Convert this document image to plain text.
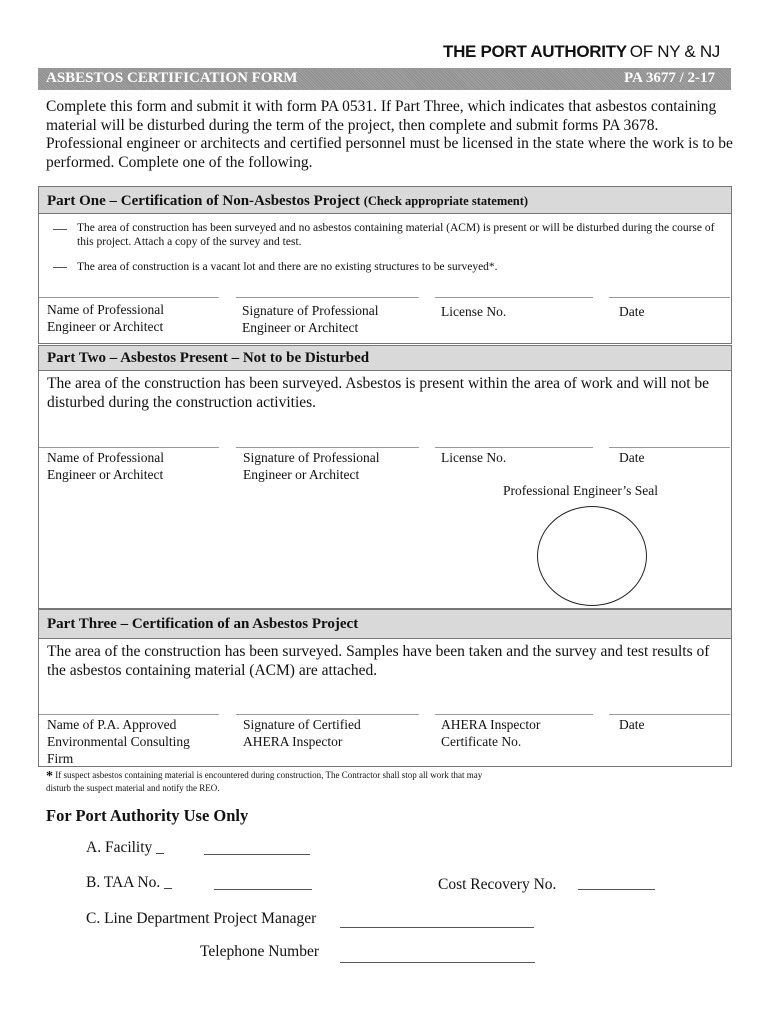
THE PORT AUTHORITY OF NY & NJ
ASBESTOS CERTIFICATION FORM	PA 3677 / 2-17
Complete this form and submit it with form PA 0531. If Part Three, which indicates that asbestos containing material will be disturbed during the term of the project, then complete and submit forms PA 3678. Professional engineer or architects and certified personnel must be licensed in the state where the work is to be performed. Complete one of the following.
Part One – Certification of Non-Asbestos Project (Check appropriate statement)
The area of construction has been surveyed and no asbestos containing material (ACM) is present or will be disturbed during the course of this project. Attach a copy of the survey and test.
The area of construction is a vacant lot and there are no existing structures to be surveyed*.
Name of Professional Engineer or Architect
Signature of Professional Engineer or Architect
License No.	Date
Part Two – Asbestos Present – Not to be Disturbed
The area of the construction has been surveyed. Asbestos is present within the area of work and will not be disturbed during the construction activities.
Name of Professional Engineer or Architect
Signature of Professional Engineer or Architect
License No.	Date
Professional Engineer’s Seal
Part Three – Certification of an Asbestos Project
The area of the construction has been surveyed. Samples have been taken and the survey and test results of the asbestos containing material (ACM) are attached.
Name of P.A. Approved Environmental Consulting Firm
Signature of Certified AHERA Inspector
AHERA Inspector Certificate No.
Date
* If suspect asbestos containing material is encountered during construction, The Contractor shall stop all work that may disturb the suspect material and notify the REO.
For Port Authority Use Only
A. Facility _
B. TAA No. _	Cost Recovery No.
C. Line Department Project Manager
Telephone Number
